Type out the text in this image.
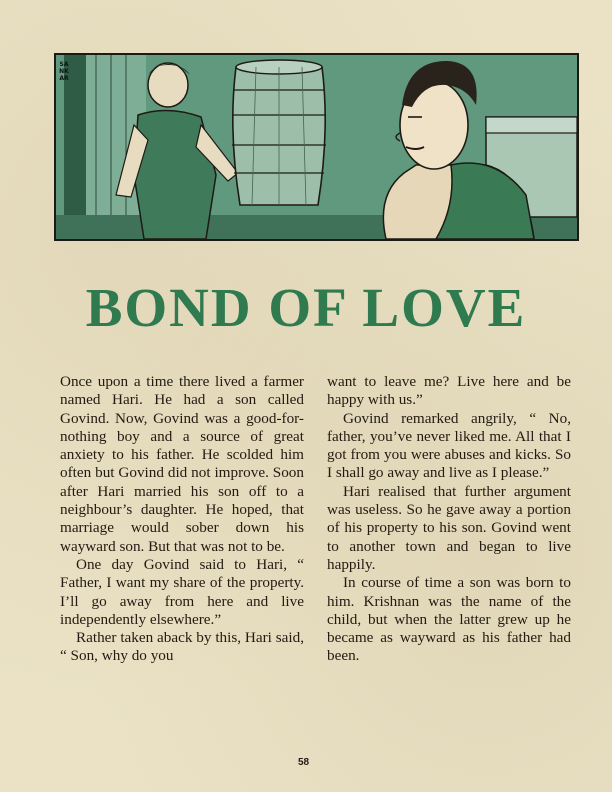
SANKAR
BOND OF LOVE

Once upon a time there lived a farmer named Hari. He had a son called Govind. Now, Govind was a good-for-nothing boy and a source of great anxiety to his father. He scolded him often but Govind did not improve. Soon after Hari married his son off to a neighbour’s daughter. He hoped, that marriage would sober down his wayward son. But that was not to be.

One day Govind said to Hari, “ Father, I want my share of the property. I’ll go away from here and live independently elsewhere.”

Rather taken aback by this, Hari said, “ Son, why do you

want to leave me? Live here and be happy with us.”

Govind remarked angrily, “ No, father, you’ve never liked me. All that I got from you were abuses and kicks. So I shall go away and live as I please.”

Hari realised that further argument was useless. So he gave away a portion of his property to his son. Govind went to another town and began to live happily.

In course of time a son was born to him. Krishnan was the name of the child, but when the latter grew up he became as wayward as his father had been.

58
